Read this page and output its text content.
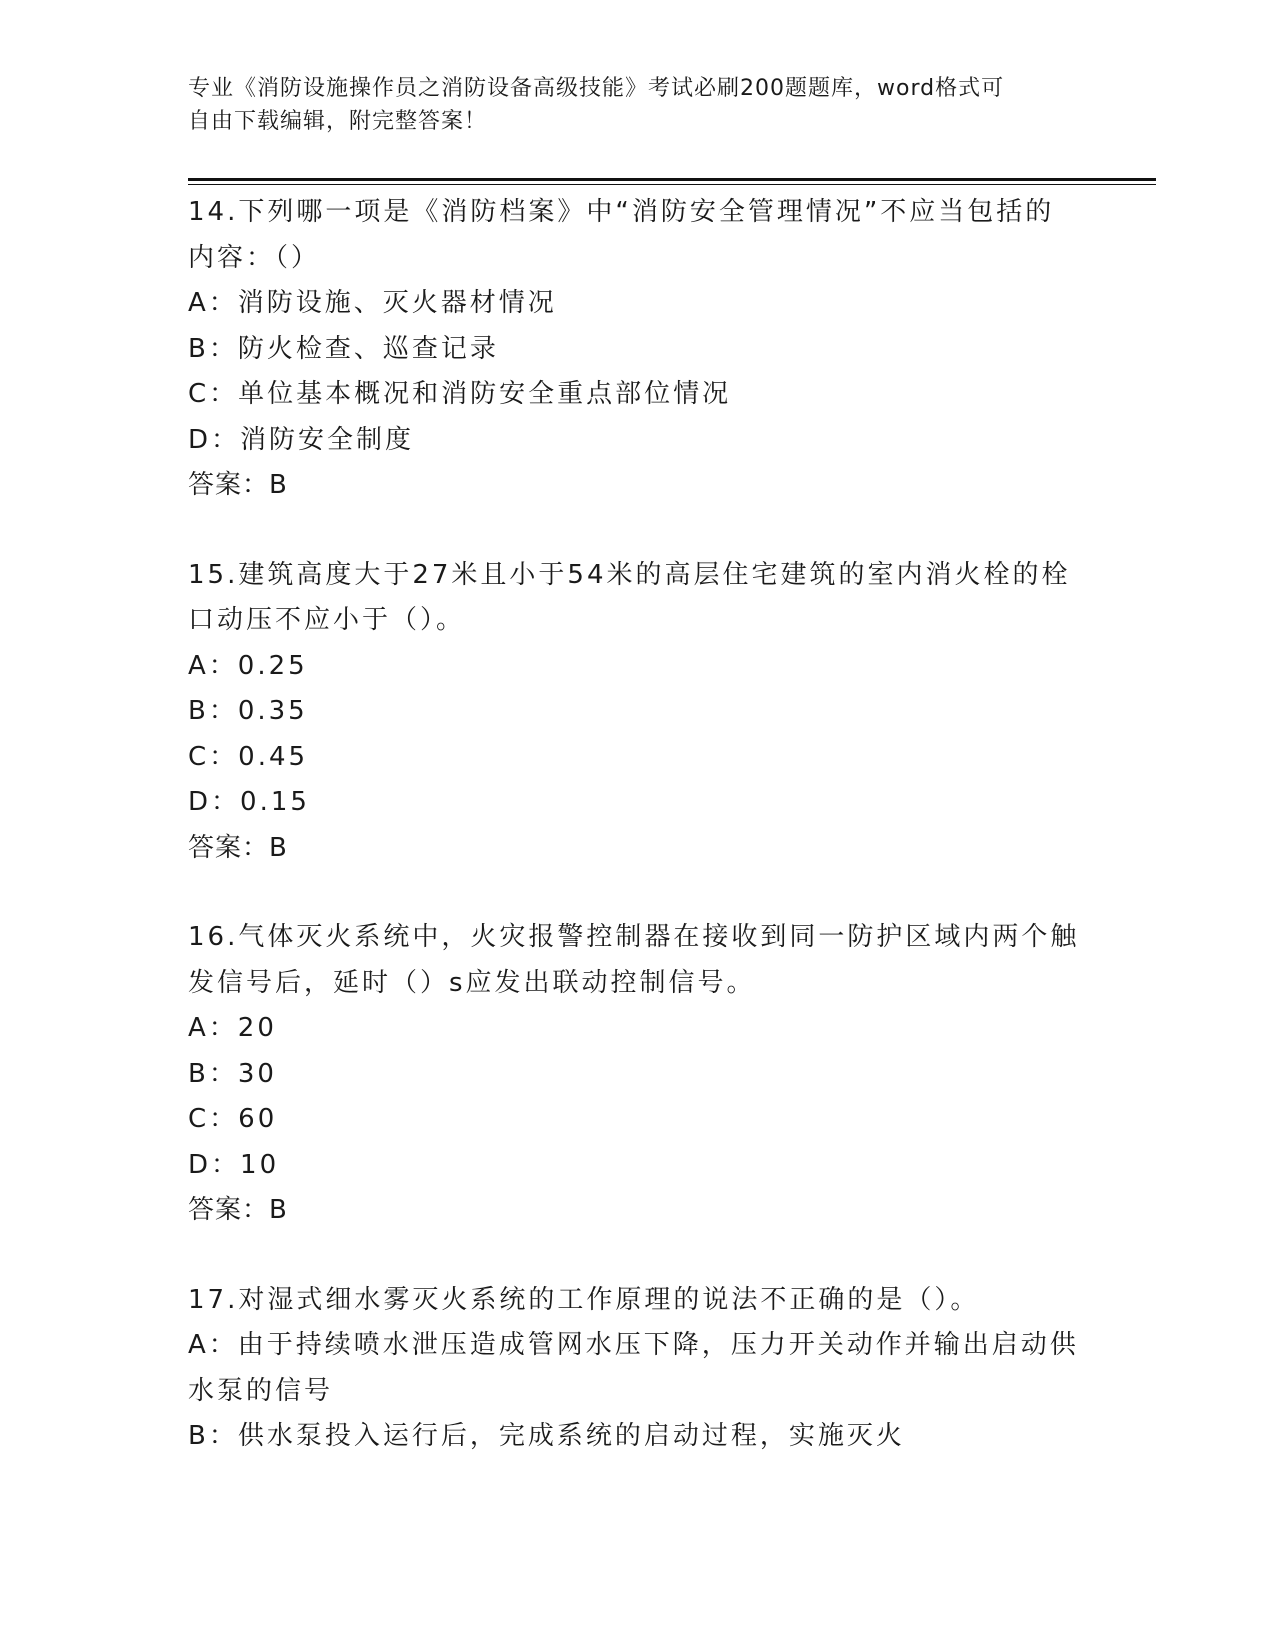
专业《消防设施操作员之消防设备高级技能》考试必刷200题题库，word格式可
自由下载编辑，附完整答案！
14.下列哪一项是《消防档案》中“消防安全管理情况”不应当包括的
内容：（）
A：消防设施、灭火器材情况
B：防火检查、巡查记录
C：单位基本概况和消防安全重点部位情况
D：消防安全制度
答案：B
15.建筑高度大于27米且小于54米的高层住宅建筑的室内消火栓的栓
口动压不应小于（）。
A：0.25
B：0.35
C：0.45
D：0.15
答案：B
16.气体灭火系统中，火灾报警控制器在接收到同一防护区域内两个触
发信号后，延时（）s应发出联动控制信号。
A：20
B：30
C：60
D：10
答案：B
17.对湿式细水雾灭火系统的工作原理的说法不正确的是（）。
A：由于持续喷水泄压造成管网水压下降，压力开关动作并输出启动供
水泵的信号
B：供水泵投入运行后，完成系统的启动过程，实施灭火
